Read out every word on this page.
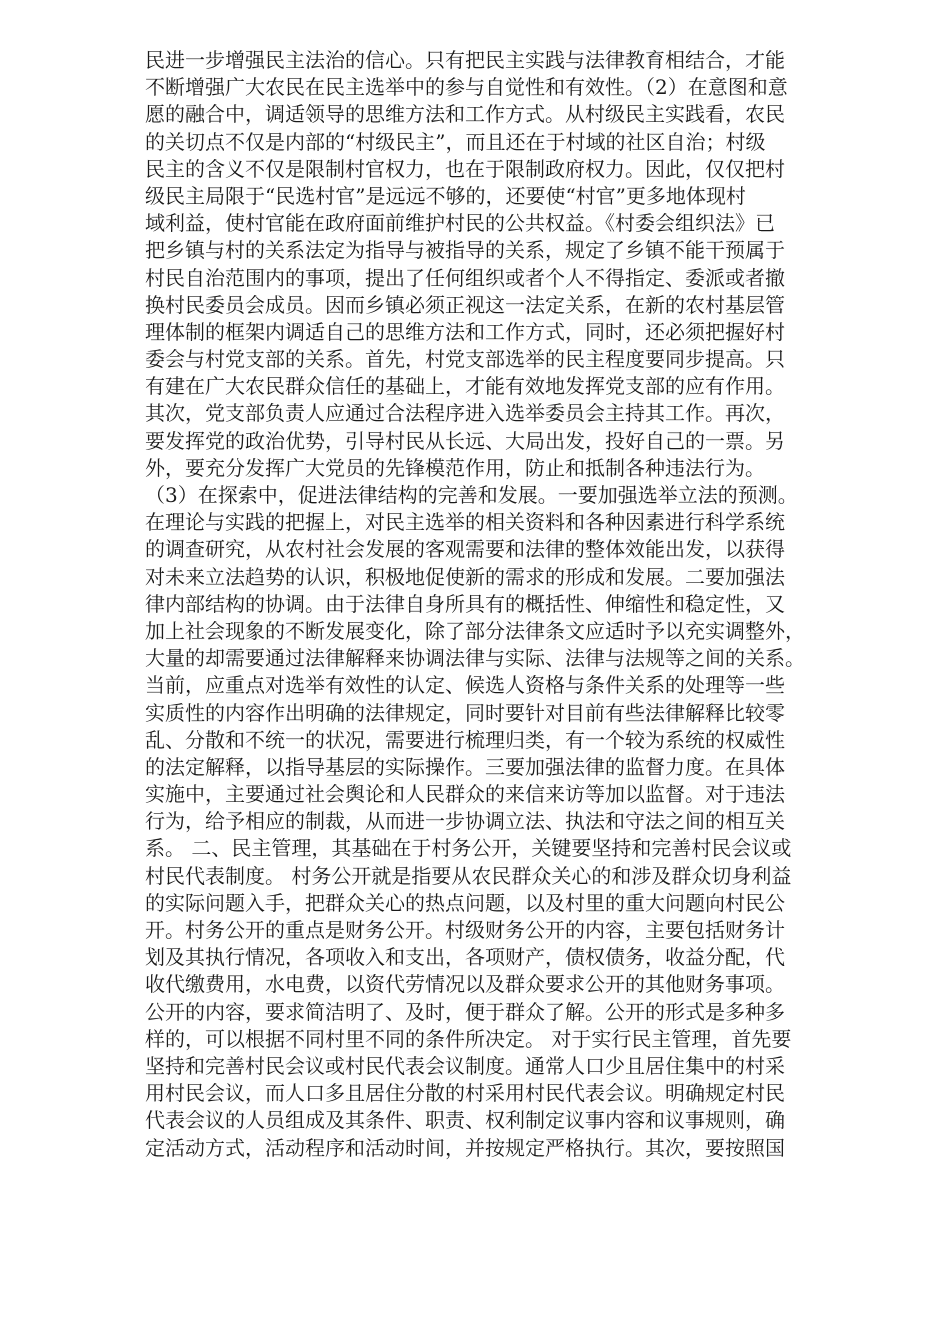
民进一步增强民主法治的信心。只有把民主实践与法律教育相结合，才能
不断增强广大农民在民主选举中的参与自觉性和有效性。（2）在意图和意
愿的融合中，调适领导的思维方法和工作方式。从村级民主实践看，农民
的关切点不仅是内部的“村级民主”，而且还在于村域的社区自治；村级
民主的含义不仅是限制村官权力，也在于限制政府权力。因此，仅仅把村
级民主局限于“民选村官”是远远不够的，还要使“村官”更多地体现村
域利益，使村官能在政府面前维护村民的公共权益。《村委会组织法》已
把乡镇与村的关系法定为指导与被指导的关系，规定了乡镇不能干预属于
村民自治范围内的事项，提出了任何组织或者个人不得指定、委派或者撤
换村民委员会成员。因而乡镇必须正视这一法定关系，在新的农村基层管
理体制的框架内调适自己的思维方法和工作方式，同时，还必须把握好村
委会与村党支部的关系。首先，村党支部选举的民主程度要同步提高。只
有建在广大农民群众信任的基础上，才能有效地发挥党支部的应有作用。
其次，党支部负责人应通过合法程序进入选举委员会主持其工作。再次，
要发挥党的政治优势，引导村民从长远、大局出发，投好自己的一票。另
外，要充分发挥广大党员的先锋模范作用，防止和抵制各种违法行为。
（3）在探索中，促进法律结构的完善和发展。一要加强选举立法的预测。
在理论与实践的把握上，对民主选举的相关资料和各种因素进行科学系统
的调查研究，从农村社会发展的客观需要和法律的整体效能出发，以获得
对未来立法趋势的认识，积极地促使新的需求的形成和发展。二要加强法
律内部结构的协调。由于法律自身所具有的概括性、伸缩性和稳定性，又
加上社会现象的不断发展变化，除了部分法律条文应适时予以充实调整外，
大量的却需要通过法律解释来协调法律与实际、法律与法规等之间的关系。
当前，应重点对选举有效性的认定、候选人资格与条件关系的处理等一些
实质性的内容作出明确的法律规定，同时要针对目前有些法律解释比较零
乱、分散和不统一的状况，需要进行梳理归类，有一个较为系统的权威性
的法定解释，以指导基层的实际操作。三要加强法律的监督力度。在具体
实施中，主要通过社会舆论和人民群众的来信来访等加以监督。对于违法
行为，给予相应的制裁，从而进一步协调立法、执法和守法之间的相互关
系。 二、民主管理，其基础在于村务公开，关键要坚持和完善村民会议或
村民代表制度。 村务公开就是指要从农民群众关心的和涉及群众切身利益
的实际问题入手，把群众关心的热点问题，以及村里的重大问题向村民公
开。村务公开的重点是财务公开。村级财务公开的内容，主要包括财务计
划及其执行情况，各项收入和支出，各项财产，债权债务，收益分配，代
收代缴费用，水电费，以资代劳情况以及群众要求公开的其他财务事项。
公开的内容，要求简洁明了、及时，便于群众了解。公开的形式是多种多
样的，可以根据不同村里不同的条件所决定。 对于实行民主管理，首先要
坚持和完善村民会议或村民代表会议制度。通常人口少且居住集中的村采
用村民会议，而人口多且居住分散的村采用村民代表会议。明确规定村民
代表会议的人员组成及其条件、职责、权利制定议事内容和议事规则，确
定活动方式，活动程序和活动时间，并按规定严格执行。其次，要按照国
